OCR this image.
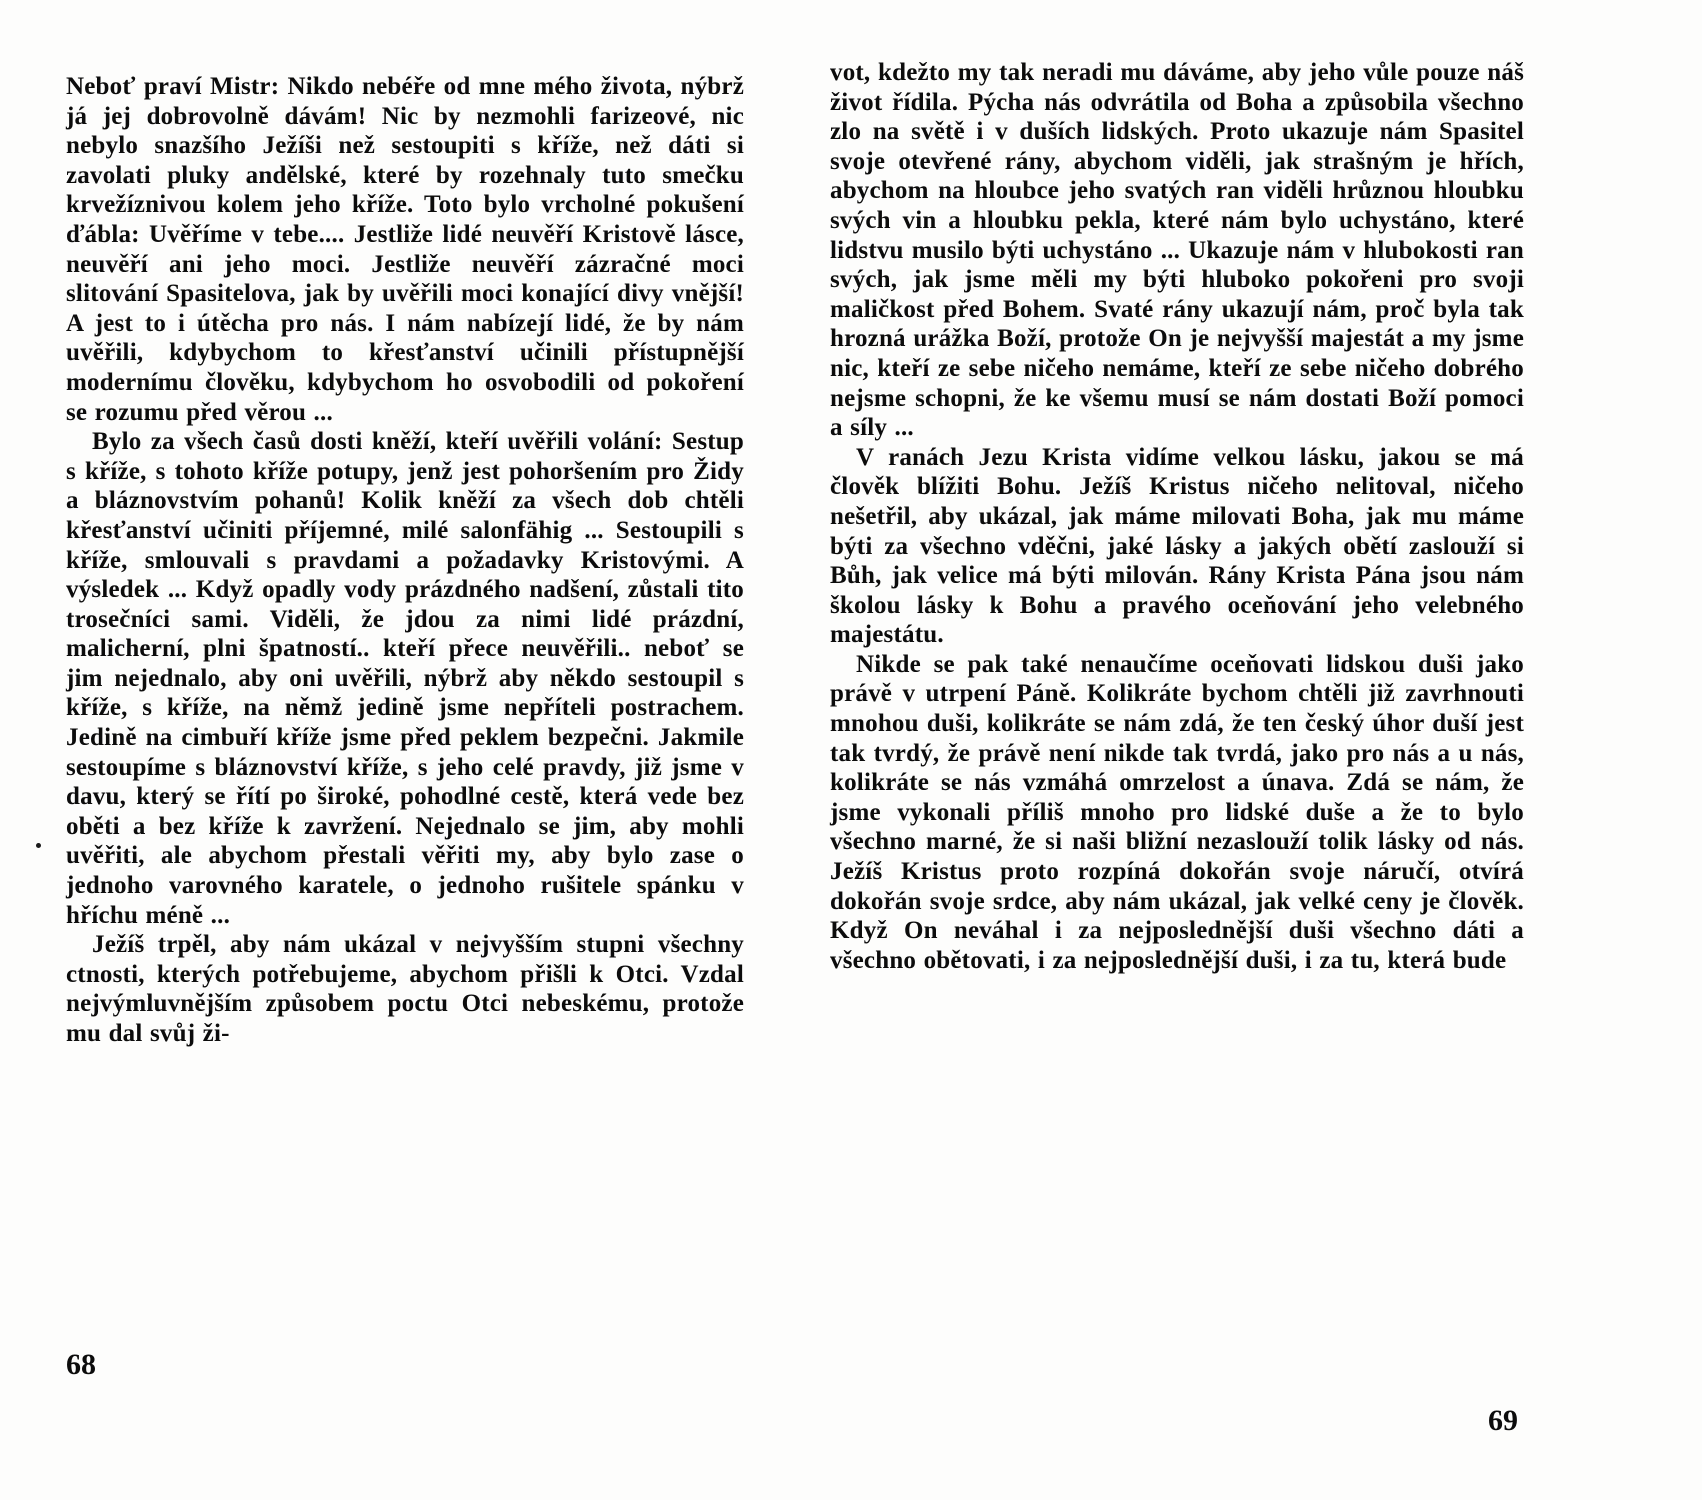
Neboť praví Mistr: Nikdo nebéře od mne mého života, nýbrž já jej dobrovolně dávám! Nic by nezmohli farizeové, nic nebylo snazšího Ježíši než sestoupiti s kříže, než dáti si zavolati pluky andělské, které by rozehnaly tuto smečku krvežíznivou kolem jeho kříže. Toto bylo vrcholné pokušení ďábla: Uvěříme v tebe.... Jestliže lidé neuvěří Kristově lásce, neuvěří ani jeho moci. Jestliže neuvěří zázračné moci slitování Spasitelova, jak by uvěřili moci konající divy vnější! A jest to i útěcha pro nás. I nám nabízejí lidé, že by nám uvěřili, kdybychom to křesťanství učinili přístupnější modernímu člověku, kdybychom ho osvobodili od pokoření se rozumu před věrou ...

Bylo za všech časů dosti kněží, kteří uvěřili volání: Sestup s kříže, s tohoto kříže potupy, jenž jest pohoršením pro Židy a bláznovstvím pohanů! Kolik kněží za všech dob chtěli křesťanství učiniti příjemné, milé salonfähig ... Sestoupili s kříže, smlouvali s pravdami a požadavky Kristovými. A výsledek ... Když opadly vody prázdného nadšení, zůstali tito trosečníci sami. Viděli, že jdou za nimi lidé prázdní, malicherní, plni špatností.. kteří přece neuvěřili.. neboť se jim nejednalo, aby oni uvěřili, nýbrž aby někdo sestoupil s kříže, s kříže, na němž jedině jsme nepříteli postrachem. Jedině na cimbuří kříže jsme před peklem bezpečni. Jakmile sestoupíme s bláznovství kříže, s jeho celé pravdy, již jsme v davu, který se řítí po široké, pohodlné cestě, která vede bez oběti a bez kříže k zavržení. Nejednalo se jim, aby mohli uvěřiti, ale abychom přestali věřiti my, aby bylo zase o jednoho varovného karatele, o jednoho rušitele spánku v hříchu méně ...

Ježíš trpěl, aby nám ukázal v nejvyšším stupni všechny ctnosti, kterých potřebujeme, abychom přišli k Otci. Vzdal nejvýmluvnějším způsobem poctu Otci nebeskému, protože mu dal svůj ži-

vot, kdežto my tak neradi mu dáváme, aby jeho vůle pouze náš život řídila. Pýcha nás odvrátila od Boha a způsobila všechno zlo na světě i v duších lidských. Proto ukazuje nám Spasitel svoje otevřené rány, abychom viděli, jak strašným je hřích, abychom na hloubce jeho svatých ran viděli hrůznou hloubku svých vin a hloubku pekla, které nám bylo uchystáno, které lidstvu musilo býti uchystáno ... Ukazuje nám v hlubokosti ran svých, jak jsme měli my býti hluboko pokořeni pro svoji maličkost před Bohem. Svaté rány ukazují nám, proč byla tak hrozná urážka Boží, protože On je nejvyšší majestát a my jsme nic, kteří ze sebe ničeho nemáme, kteří ze sebe ničeho dobrého nejsme schopni, že ke všemu musí se nám dostati Boží pomoci a síly ...

V ranách Jezu Krista vidíme velkou lásku, jakou se má člověk blížiti Bohu. Ježíš Kristus ničeho nelitoval, ničeho nešetřil, aby ukázal, jak máme milovati Boha, jak mu máme býti za všechno vděčni, jaké lásky a jakých obětí zaslouží si Bůh, jak velice má býti milován. Rány Krista Pána jsou nám školou lásky k Bohu a pravého oceňování jeho velebného majestátu.

Nikde se pak také nenaučíme oceňovati lidskou duši jako právě v utrpení Páně. Kolikráte bychom chtěli již zavrhnouti mnohou duši, kolikráte se nám zdá, že ten český úhor duší jest tak tvrdý, že právě není nikde tak tvrdá, jako pro nás a u nás, kolikráte se nás vzmáhá omrzelost a únava. Zdá se nám, že jsme vykonali příliš mnoho pro lidské duše a že to bylo všechno marné, že si naši bližní nezaslouží tolik lásky od nás. Ježíš Kristus proto rozpíná dokořán svoje náručí, otvírá dokořán svoje srdce, aby nám ukázal, jak velké ceny je člověk. Když On neváhal i za nejposlednější duši všechno dáti a všechno obětovati, i za nejposlednější duši, i za tu, která bude

68
69
